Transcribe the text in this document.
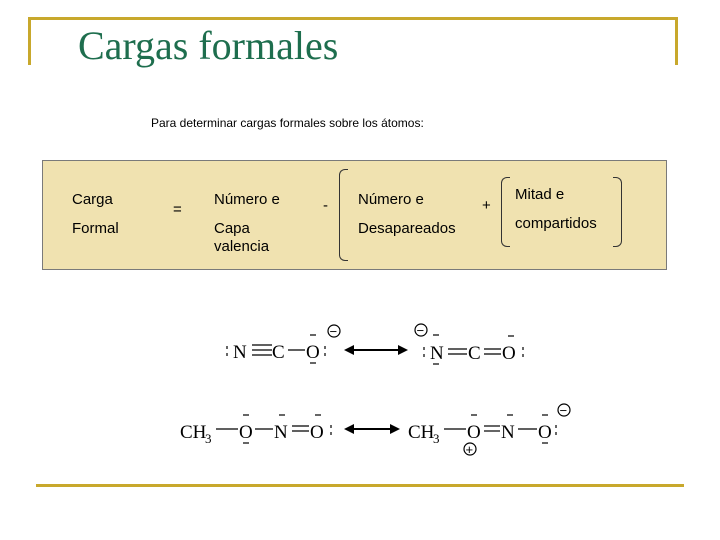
Cargas formales
Para determinar cargas formales sobre los átomos:
Carga
Formal
=
Número e
Capa
valencia
- Número e
Desapareados
+
Mitad e
compartidos
N C O
−	−
N C O
CH
3 O N O	CH
3 O
+
N O
−
